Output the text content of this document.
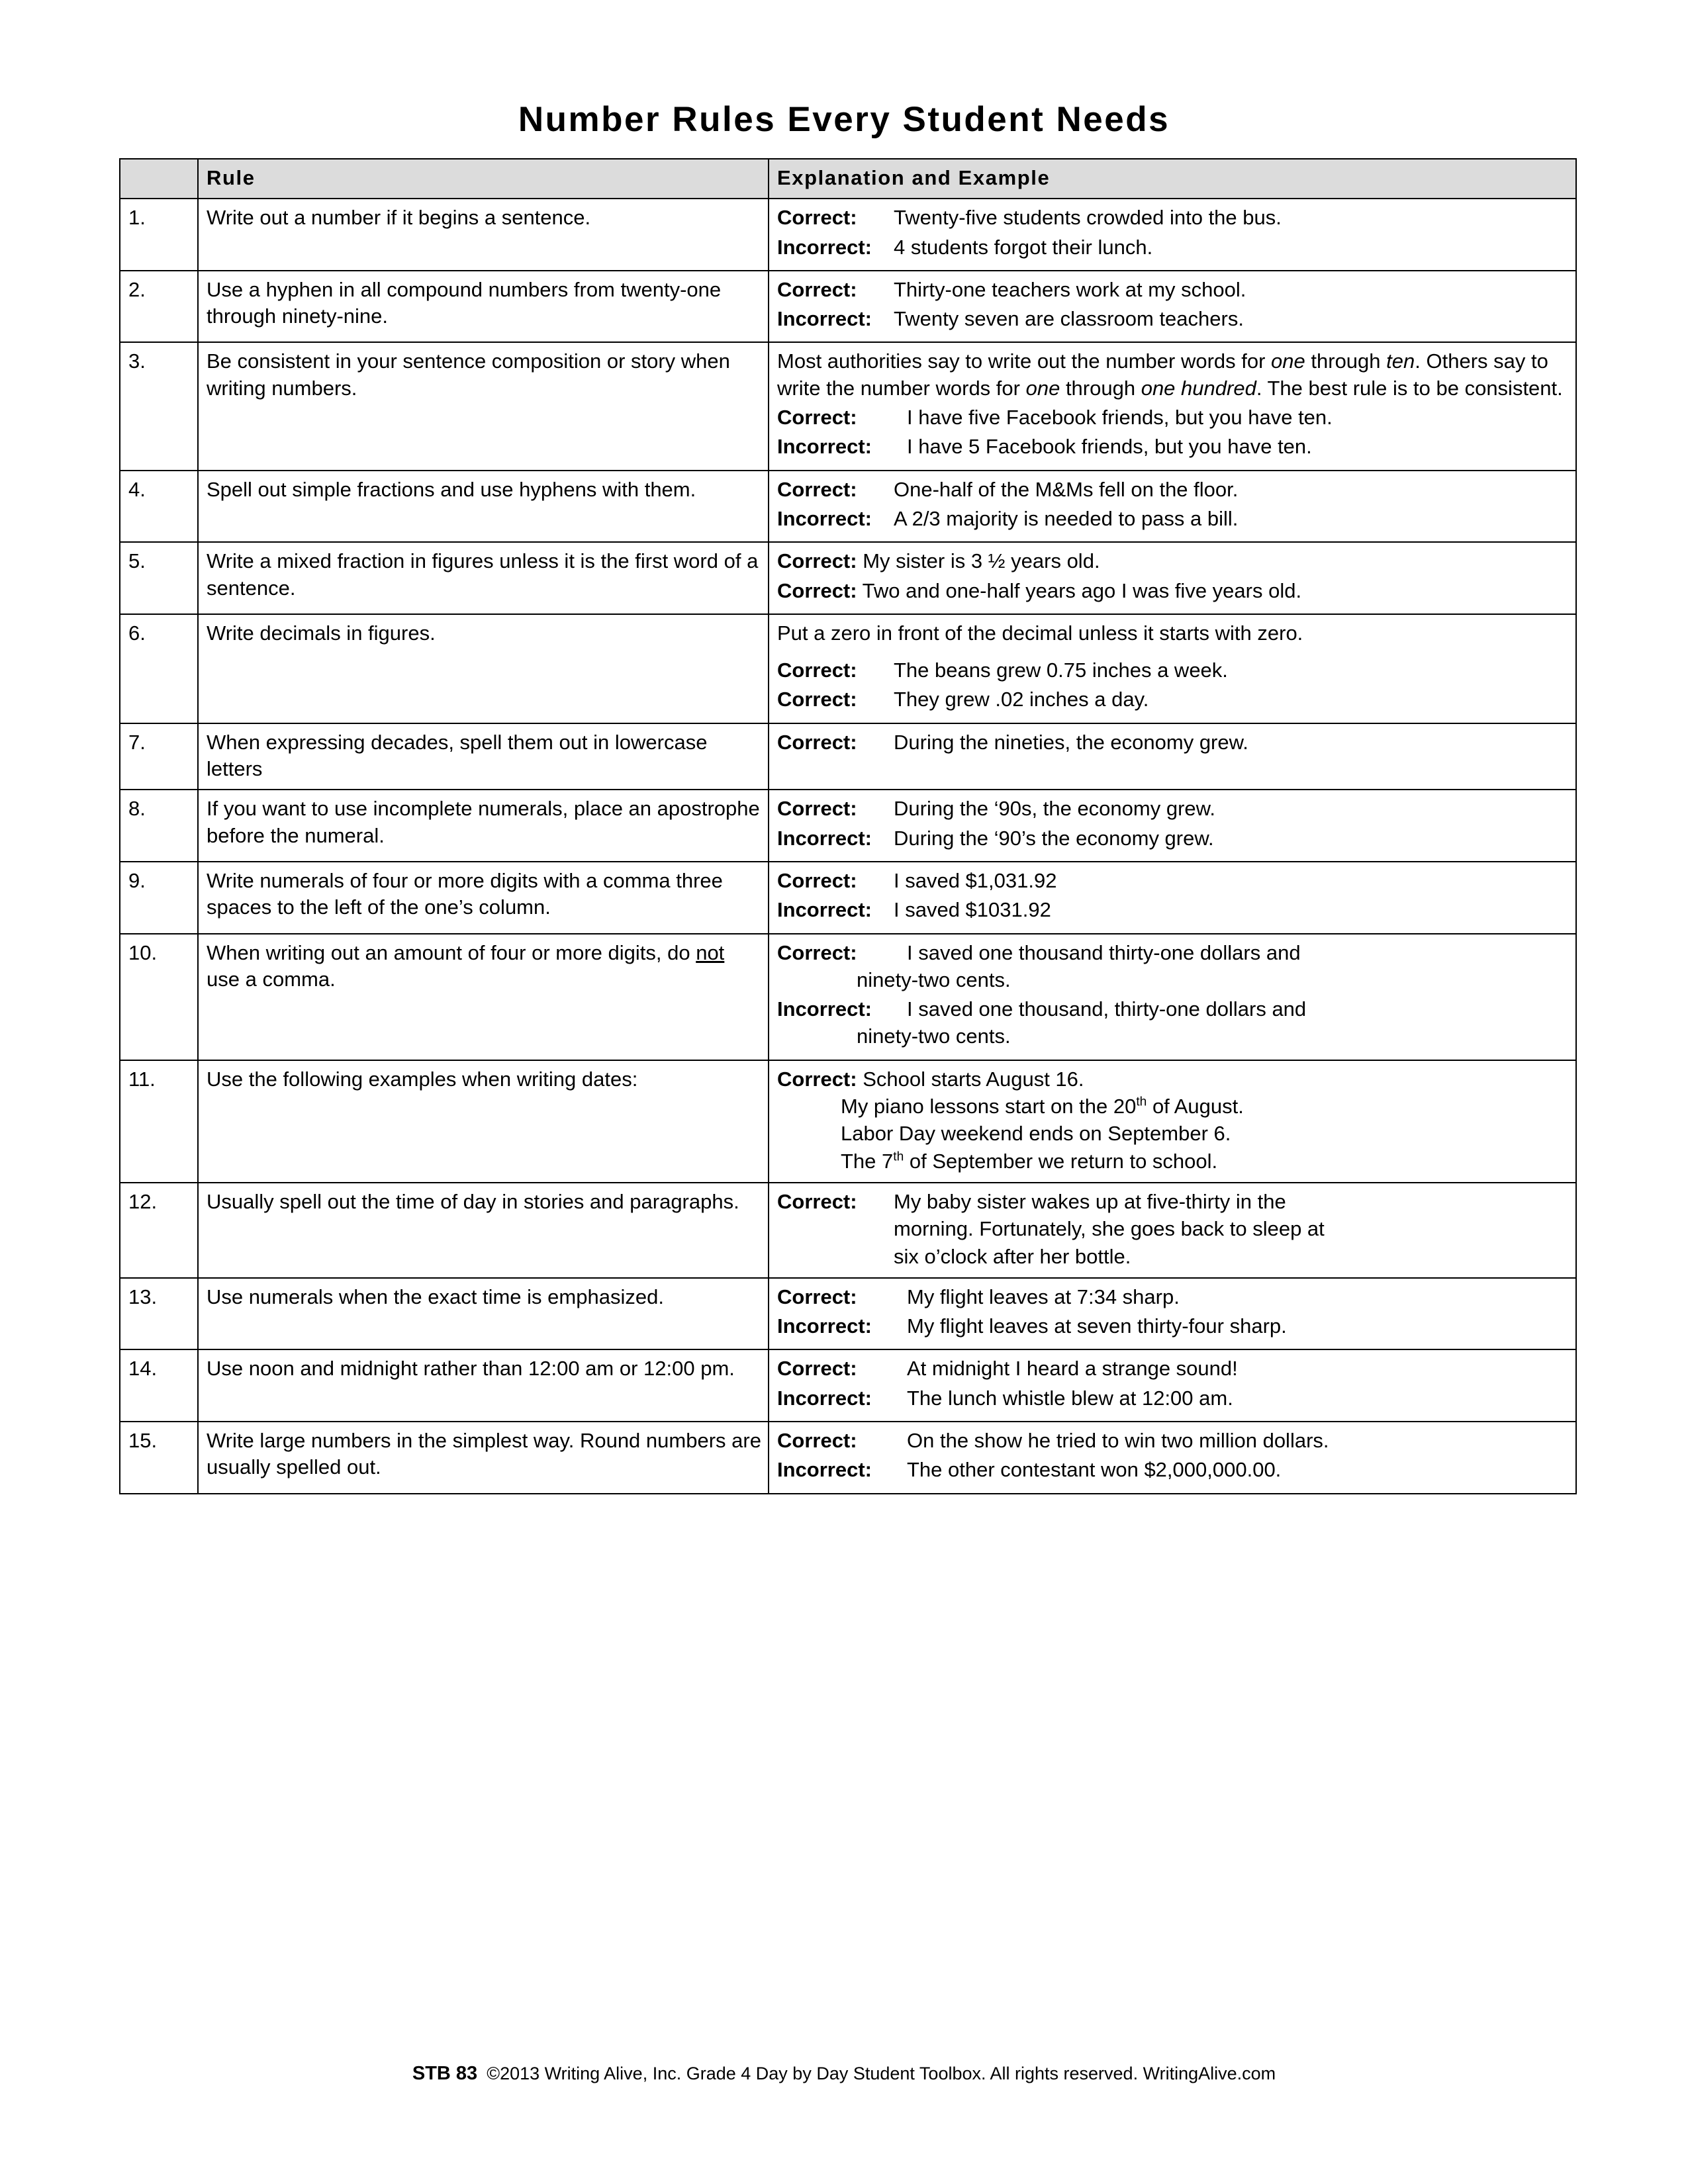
Number Rules Every Student Needs
	Rule	Explanation and Example
1.	Write out a number if it begins a sentence.	Correct: Twenty-five students crowded into the bus.
Incorrect: 4 students forgot their lunch.

2.	Use a hyphen in all compound numbers from twenty-one through ninety-nine.	Correct: Thirty-one teachers work at my school.
Incorrect: Twenty seven are classroom teachers.

3.	Be consistent in your sentence composition or story when writing numbers.	Most authorities say to write out the number words for one through ten. Others say to write the number words for one through one hundred. The best rule is to be consistent.
Correct: I have five Facebook friends, but you have ten.
Incorrect: I have 5 Facebook friends, but you have ten.

4.	Spell out simple fractions and use hyphens with them.	Correct: One-half of the M&Ms fell on the floor.
Incorrect: A 2/3 majority is needed to pass a bill.

5.	Write a mixed fraction in figures unless it is the first word of a sentence.	Correct: My sister is 3 ½ years old.
Correct: Two and one-half years ago I was five years old.

6.	Write decimals in figures.	Put a zero in front of the decimal unless it starts with zero.
Correct: The beans grew 0.75 inches a week.
Correct: They grew .02 inches a day.

7.	When expressing decades, spell them out in lowercase letters	Correct: During the nineties, the economy grew.

8.	If you want to use incomplete numerals, place an apostrophe before the numeral.	Correct: During the ‘90s, the economy grew.
Incorrect: During the ‘90’s the economy grew.

9.	Write numerals of four or more digits with a comma three spaces to the left of the one’s column.	Correct: I saved $1,031.92
Incorrect: I saved $1031.92

10.	When writing out an amount of four or more digits, do not use a comma.	Correct: I saved one thousand thirty-one dollars and
ninety-two cents.
Incorrect: I saved one thousand, thirty-one dollars and
ninety-two cents.

11.	Use the following examples when writing dates:	Correct: School starts August 16.
My piano lessons start on the 20th of August.
Labor Day weekend ends on September 6.
The 7th of September we return to school.

12.	Usually spell out the time of day in stories and paragraphs.	Correct: My baby sister wakes up at five-thirty in the
morning. Fortunately, she goes back to sleep at
six o’clock after her bottle.

13.	Use numerals when the exact time is emphasized.	Correct: My flight leaves at 7:34 sharp.
Incorrect: My flight leaves at seven thirty-four sharp.

14.	Use noon and midnight rather than 12:00 am or 12:00 pm.	Correct: At midnight I heard a strange sound!
Incorrect: The lunch whistle blew at 12:00 am.

15.	Write large numbers in the simplest way. Round numbers are usually spelled out.	Correct: On the show he tried to win two million dollars.
Incorrect: The other contestant won $2,000,000.00.
STB 83 ©2013 Writing Alive, Inc. Grade 4 Day by Day Student Toolbox. All rights reserved. WritingAlive.com
